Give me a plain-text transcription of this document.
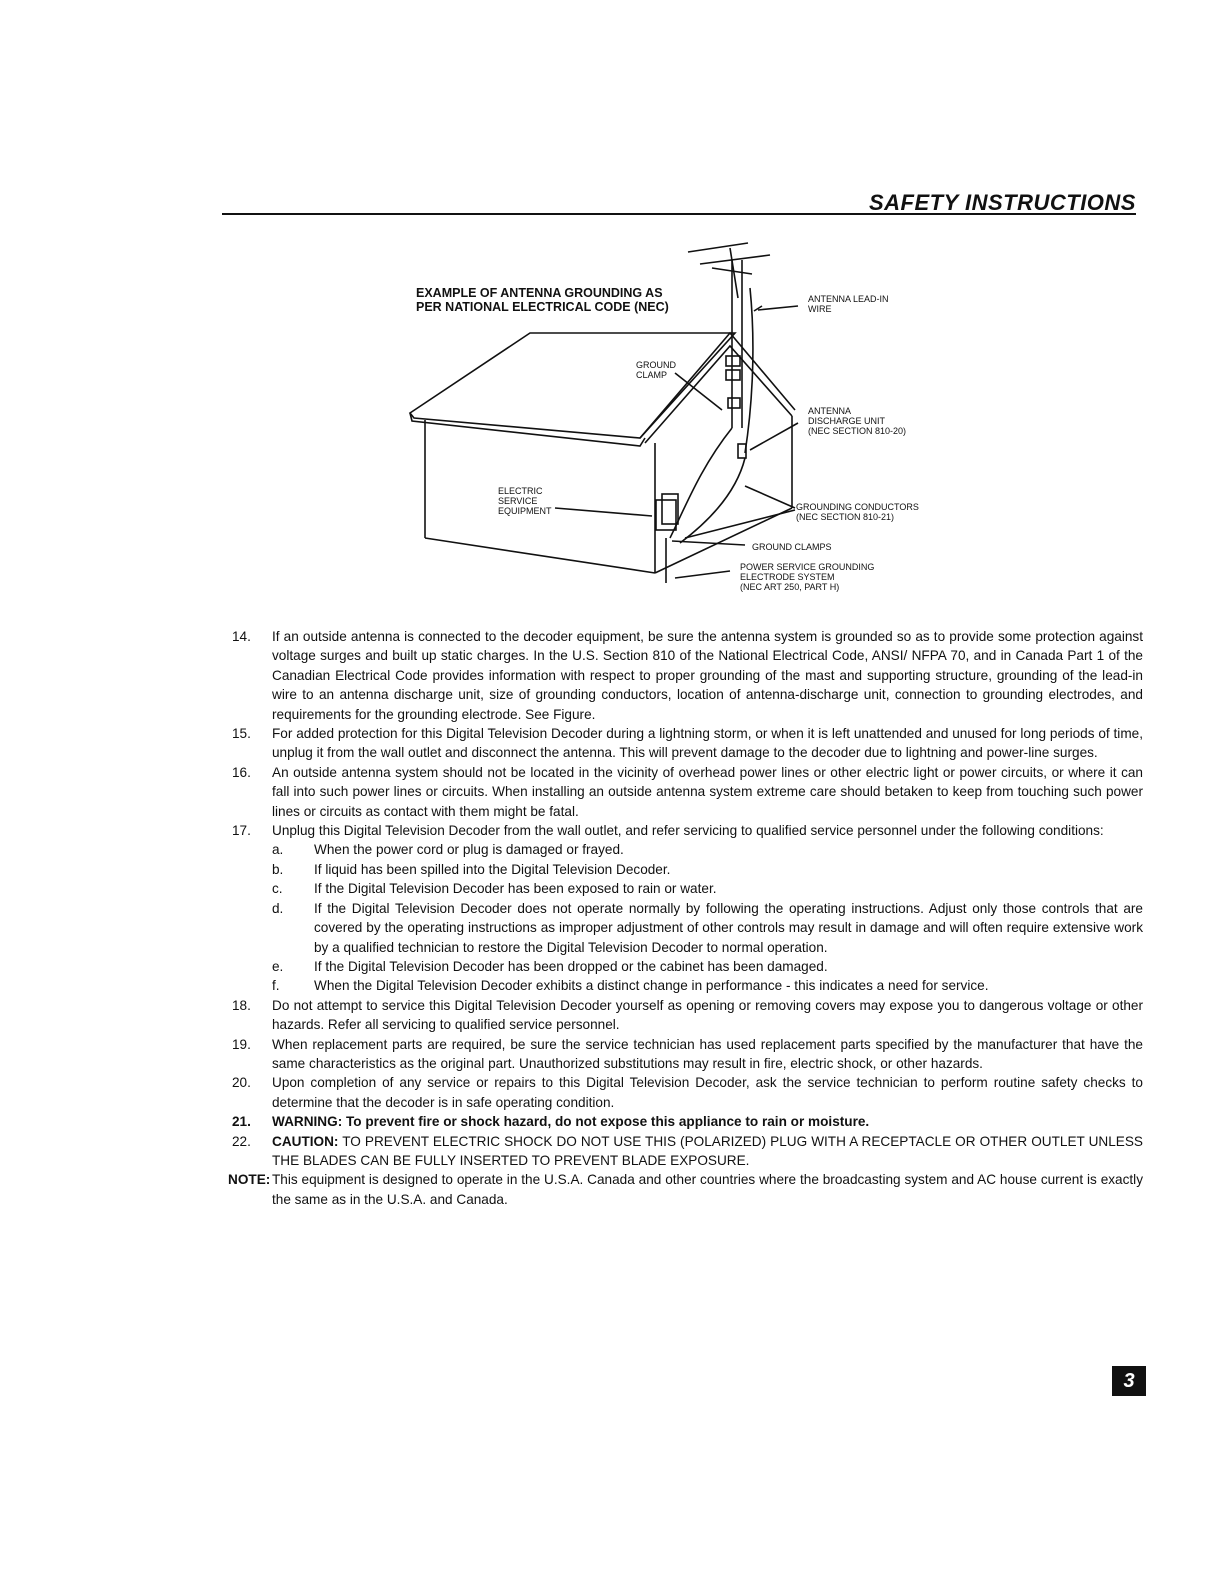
SAFETY INSTRUCTIONS
EXAMPLE OF ANTENNA GROUNDING AS
PER NATIONAL ELECTRICAL CODE (NEC)
ANTENNA LEAD-IN
WIRE
GROUND
CLAMP
ANTENNA
DISCHARGE UNIT
(NEC SECTION 810-20)
ELECTRIC
SERVICE
EQUIPMENT	GROUNDING CONDUCTORS
(NEC SECTION 810-21)
GROUND CLAMPS
POWER SERVICE GROUNDING
ELECTRODE SYSTEM
(NEC ART 250, PART H)
14. If an outside antenna is connected to the decoder equipment, be sure the antenna system is grounded so as to provide some protection against voltage surges and built up static charges. In the U.S. Section 810 of the National Electrical Code, ANSI/ NFPA 70, and in Canada Part 1 of the Canadian Electrical Code provides information with respect to proper grounding of the mast and supporting structure, grounding of the lead-in wire to an antenna discharge unit, size of grounding conductors, location of antenna-discharge unit, connection to grounding electrodes, and requirements for the grounding electrode. See Figure.
15. For added protection for this Digital Television Decoder during a lightning storm, or when it is left unattended and unused for long periods of time, unplug it from the wall outlet and disconnect the antenna. This will prevent damage to the decoder due to lightning and power-line surges.
16. An outside antenna system should not be located in the vicinity of overhead power lines or other electric light or power circuits, or where it can fall into such power lines or circuits. When installing an outside antenna system extreme care should betaken to keep from touching such power lines or circuits as contact with them might be fatal.
17. Unplug this Digital Television Decoder from the wall outlet, and refer servicing to qualified service personnel under the following conditions:
a. When the power cord or plug is damaged or frayed.
b. If liquid has been spilled into the Digital Television Decoder.
c. If the Digital Television Decoder has been exposed to rain or water.
d. If the Digital Television Decoder does not operate normally by following the operating instructions. Adjust only those controls that are covered by the operating instructions as improper adjustment of other controls may result in damage and will often require extensive work by a qualified technician to restore the Digital Television Decoder to normal operation.
e. If the Digital Television Decoder has been dropped or the cabinet has been damaged.
f.	When the Digital Television Decoder exhibits a distinct change in performance - this indicates a need for service.
18. Do not attempt to service this Digital Television Decoder yourself as opening or removing covers may expose you to dangerous voltage or other hazards. Refer all servicing to qualified service personnel.
19. When replacement parts are required, be sure the service technician has used replacement parts specified by the manufacturer that have the same characteristics as the original part. Unauthorized substitutions may result in fire, electric shock, or other hazards.
20. Upon completion of any service or repairs to this Digital Television Decoder, ask the service technician to perform routine safety checks to determine that the decoder is in safe operating condition.
21. WARNING: To prevent fire or shock hazard, do not expose this appliance to rain or moisture.
22. CAUTION: TO PREVENT ELECTRIC SHOCK DO NOT USE THIS (POLARIZED) PLUG WITH A RECEPTACLE OR OTHER OUTLET UNLESS THE BLADES CAN BE FULLY INSERTED TO PREVENT BLADE EXPOSURE.
NOTE: This equipment is designed to operate in the U.S.A. Canada and other countries where the broadcasting system and AC house current is exactly the same as in the U.S.A. and Canada.
3
